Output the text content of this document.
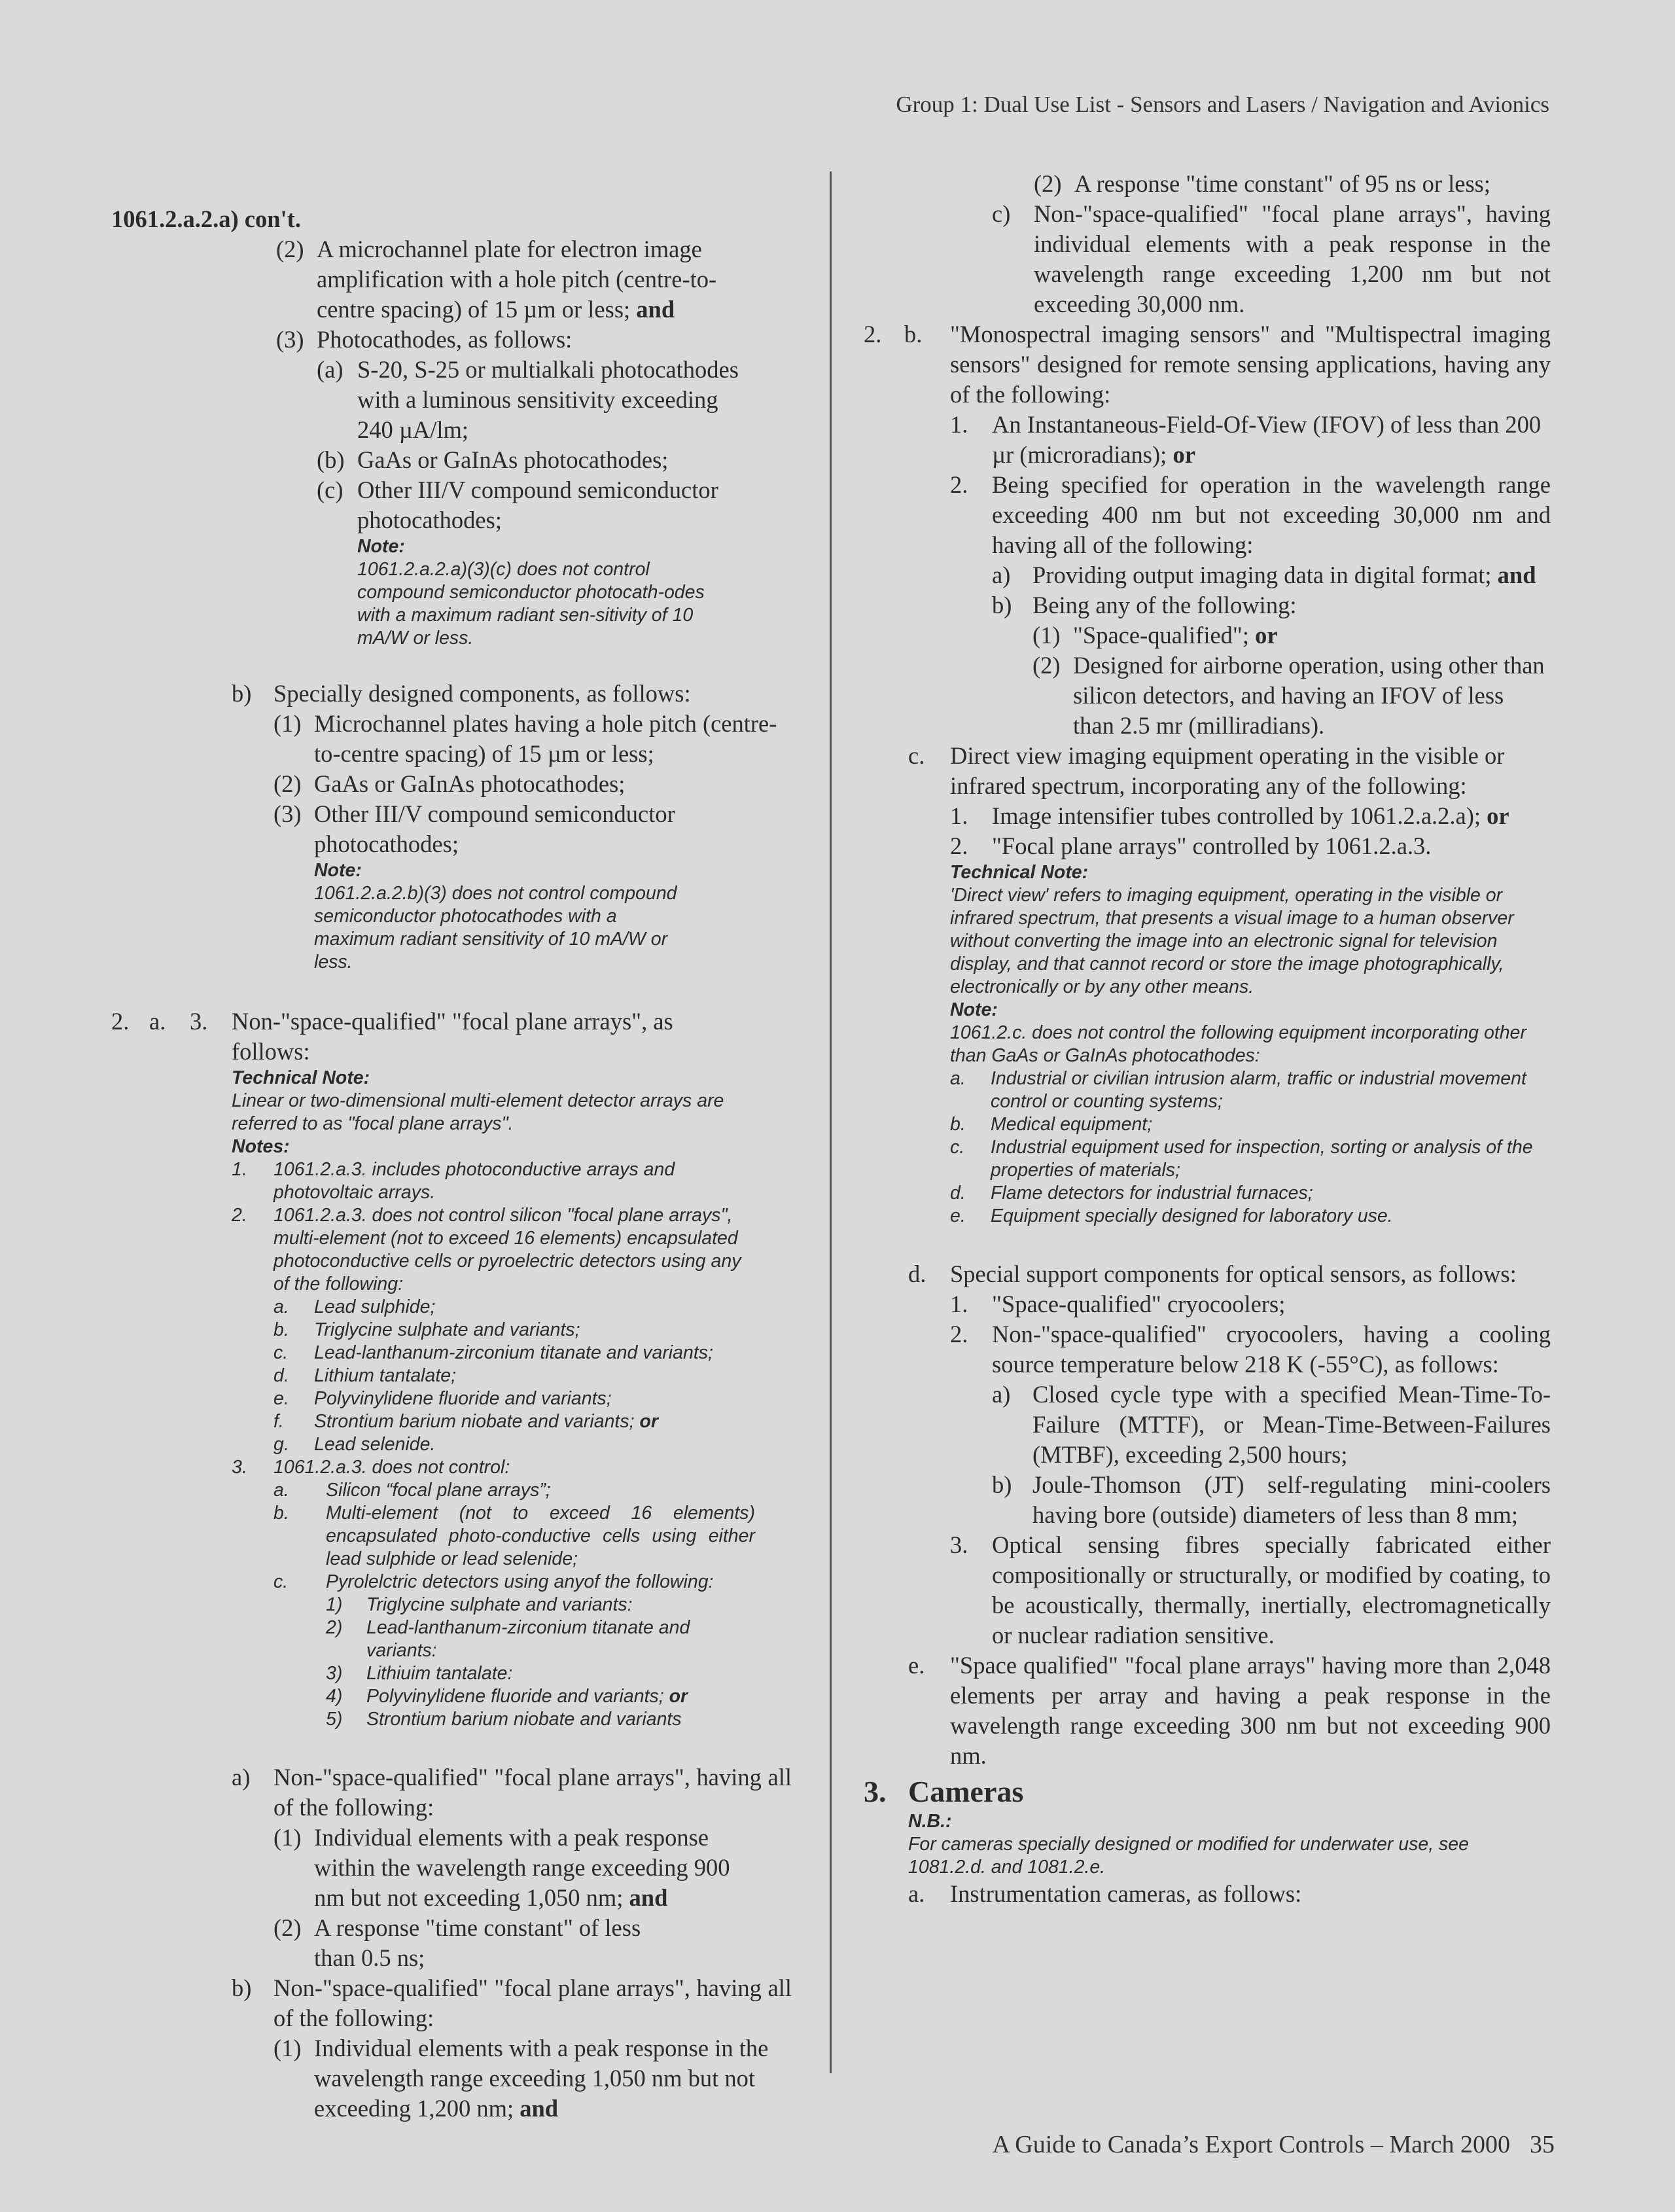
Group 1: Dual Use List - Sensors and Lasers / Navigation and Avionics
1061.2.a.2.a) con't.
(2) A microchannel plate for electron image amplification with a hole pitch (centre-to-centre spacing) of 15 µm or less; and
(3) Photocathodes, as follows:
(a) S-20, S-25 or multialkali photocathodes with a luminous sensitivity exceeding 240 µA/lm;
(b) GaAs or GaInAs photocathodes;
(c) Other III/V compound semiconductor photocathodes;
Note:
1061.2.a.2.a)(3)(c) does not control compound semiconductor photocath-odes with a maximum radiant sen-sitivity of 10 mA/W or less.
b) Specially designed components, as follows:
(1) Microchannel plates having a hole pitch (centre-to-centre spacing) of 15 µm or less;
(2) GaAs or GaInAs photocathodes;
(3) Other III/V compound semiconductor photocathodes;
Note:
1061.2.a.2.b)(3) does not control compound semiconductor photocathodes with a maximum radiant sensitivity of 10 mA/W or less.
2. a.	3.	Non-"space-qualified" "focal plane arrays", as follows:
Technical Note:
Linear or two-dimensional multi-element detector arrays are referred to as "focal plane arrays".
Notes:
1.	1061.2.a.3. includes photoconductive arrays and photovoltaic arrays.
2.	1061.2.a.3. does not control silicon "focal plane arrays", multi-element (not to exceed 16 elements) encapsulated photoconductive cells or pyroelectric detectors using any of the following:
a.	Lead sulphide;
b.	Triglycine sulphate and variants;
c.	Lead-lanthanum-zirconium titanate and variants;
d.	Lithium tantalate;
e.	Polyvinylidene fluoride and variants;
f.	Strontium barium niobate and variants; or
g.	Lead selenide.
3.	1061.2.a.3. does not control:
a.	Silicon “focal plane arrays”;
b.	Multi-element (not to exceed 16 elements) encapsulated photo-conductive cells using either lead sulphide or lead selenide;
c.	Pyrolelctric detectors using anyof the following:
1)	Triglycine sulphate and variants:
2)	Lead-lanthanum-zirconium titanate and variants:
3)	Lithiuim tantalate:
4)	Polyvinylidene fluoride and variants; or
5)	Strontium barium niobate and variants
a) Non-"space-qualified" "focal plane arrays", having all of the following:
(1) Individual elements with a peak response within the wavelength range exceeding 900 nm but not exceeding 1,050 nm; and
(2) A response "time constant" of less than 0.5 ns;
b) Non-"space-qualified" "focal plane arrays", having all of the following:
(1) Individual elements with a peak response in the wavelength range exceeding 1,050 nm but not exceeding 1,200 nm; and
(2) A response "time constant" of 95 ns or less;
c) Non-"space-qualified" "focal plane arrays", having individual elements with a peak response in the wavelength range exceeding 1,200 nm but not exceeding 30,000 nm.
2. b.	"Monospectral imaging sensors" and "Multispectral imaging sensors" designed for remote sensing applications, having any of the following:
1.	An Instantaneous-Field-Of-View (IFOV) of less than 200 µr (microradians); or
2.	Being specified for operation in the wavelength range exceeding 400 nm but not exceeding 30,000 nm and having all of the following:
a) Providing output imaging data in digital format; and
b) Being any of the following:
(1) "Space-qualified"; or
(2) Designed for airborne operation, using other than silicon detectors, and having an IFOV of less than 2.5 mr (milliradians).
c.	Direct view imaging equipment operating in the visible or infrared spectrum, incorporating any of the following:
1.	Image intensifier tubes controlled by 1061.2.a.2.a); or
2.	"Focal plane arrays" controlled by 1061.2.a.3.
Technical Note:
'Direct view' refers to imaging equipment, operating in the visible or infrared spectrum, that presents a visual image to a human observer without converting the image into an electronic signal for television display, and that cannot record or store the image photographically, electronically or by any other means.
Note:
1061.2.c. does not control the following equipment incorporating other than GaAs or GaInAs photocathodes:
a.	Industrial or civilian intrusion alarm, traffic or industrial movement control or counting systems;
b.	Medical equipment;
c.	Industrial equipment used for inspection, sorting or analysis of the properties of materials;
d.	Flame detectors for industrial furnaces;
e.	Equipment specially designed for laboratory use.
d.	Special support components for optical sensors, as follows:
1.	"Space-qualified" cryocoolers;
2.	Non-"space-qualified" cryocoolers, having a cooling source temperature below 218 K (-55°C), as follows:
a) Closed cycle type with a specified Mean-Time-To-Failure (MTTF), or Mean-Time-Between-Failures (MTBF), exceeding 2,500 hours;
b) Joule-Thomson (JT) self-regulating mini-coolers having bore (outside) diameters of less than 8 mm;
3.	Optical sensing fibres specially fabricated either compositionally or structurally, or modified by coating, to be acoustically, thermally, inertially, electromagnetically or nuclear radiation sensitive.
e.	"Space qualified" "focal plane arrays" having more than 2,048 elements per array and having a peak response in the wavelength range exceeding 300 nm but not exceeding 900 nm.
3. Cameras
N.B.:
For cameras specially designed or modified for underwater use, see 1081.2.d. and 1081.2.e.
a.	Instrumentation cameras, as follows:
A Guide to Canada’s Export Controls – March 2000 35
